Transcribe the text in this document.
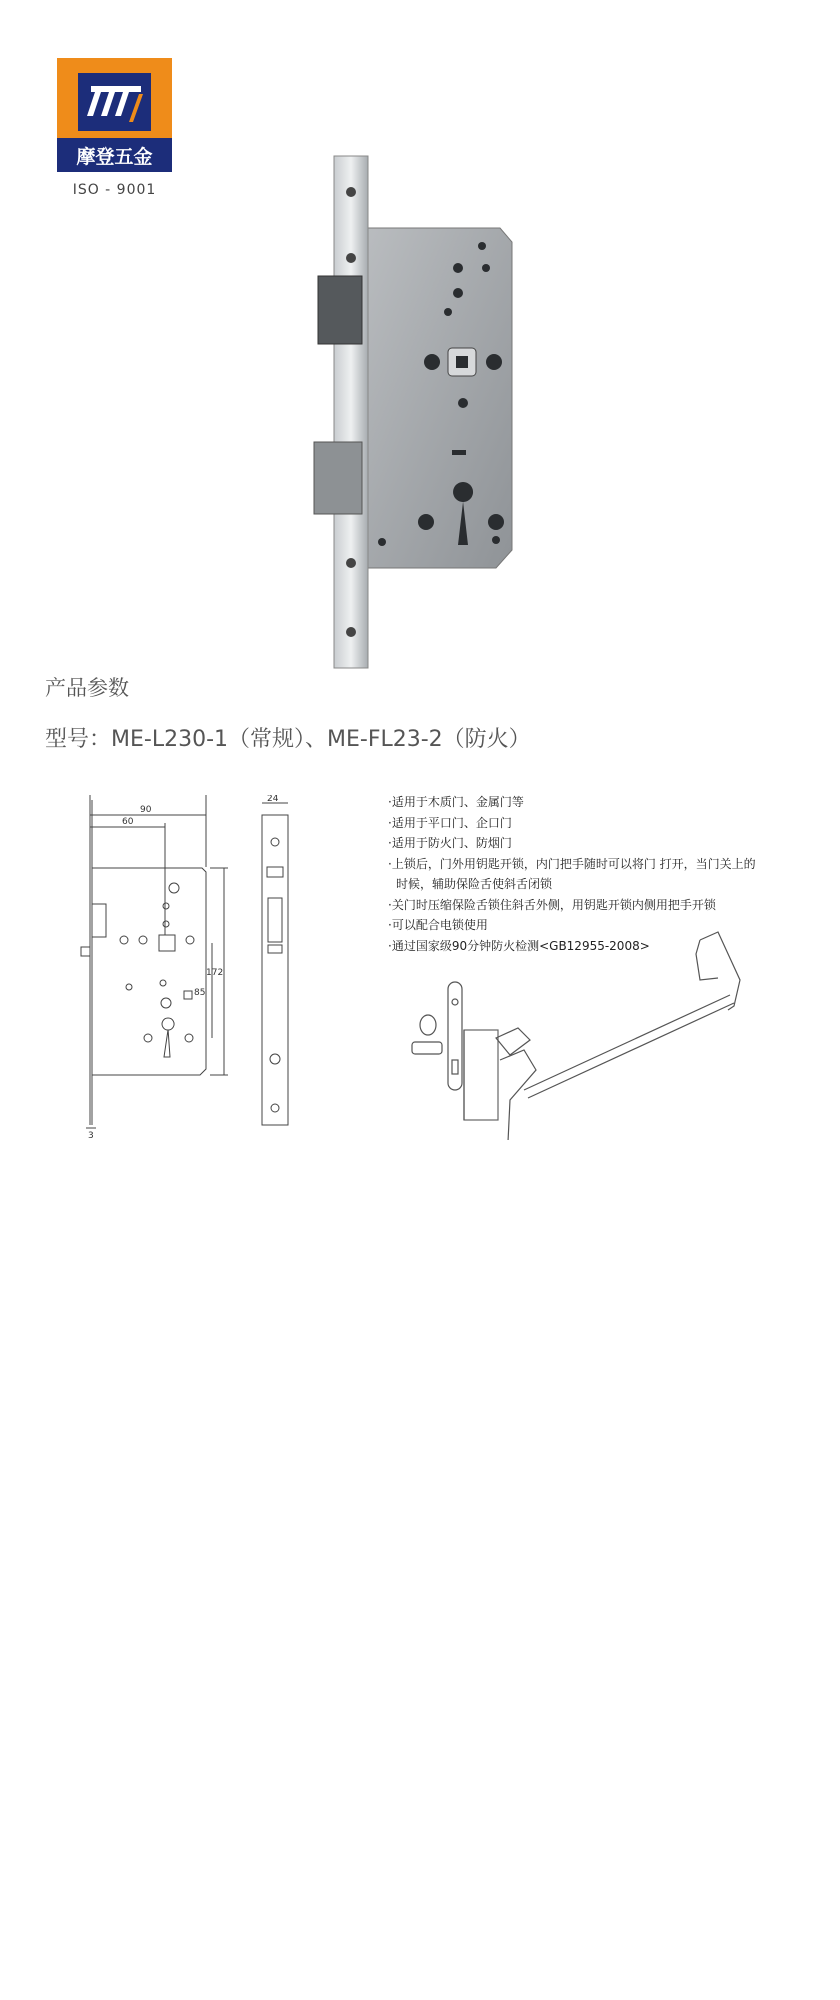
摩登五金
ISO - 9001
产品参数
型号：ME-L230-1（常规）、ME-FL23-2（防火）
90
60
24
172
85
3
·适用于木质门、金属门等
·适用于平口门、企口门
·适用于防火门、防烟门
·上锁后，门外用钥匙开锁，内门把手随时可以将门 打开，当门关上的
时候，辅助保险舌使斜舌闭锁
·关门时压缩保险舌锁住斜舌外侧，用钥匙开锁内侧用把手开锁
·可以配合电锁使用
·通过国家级90分钟防火检测<GB12955-2008>
